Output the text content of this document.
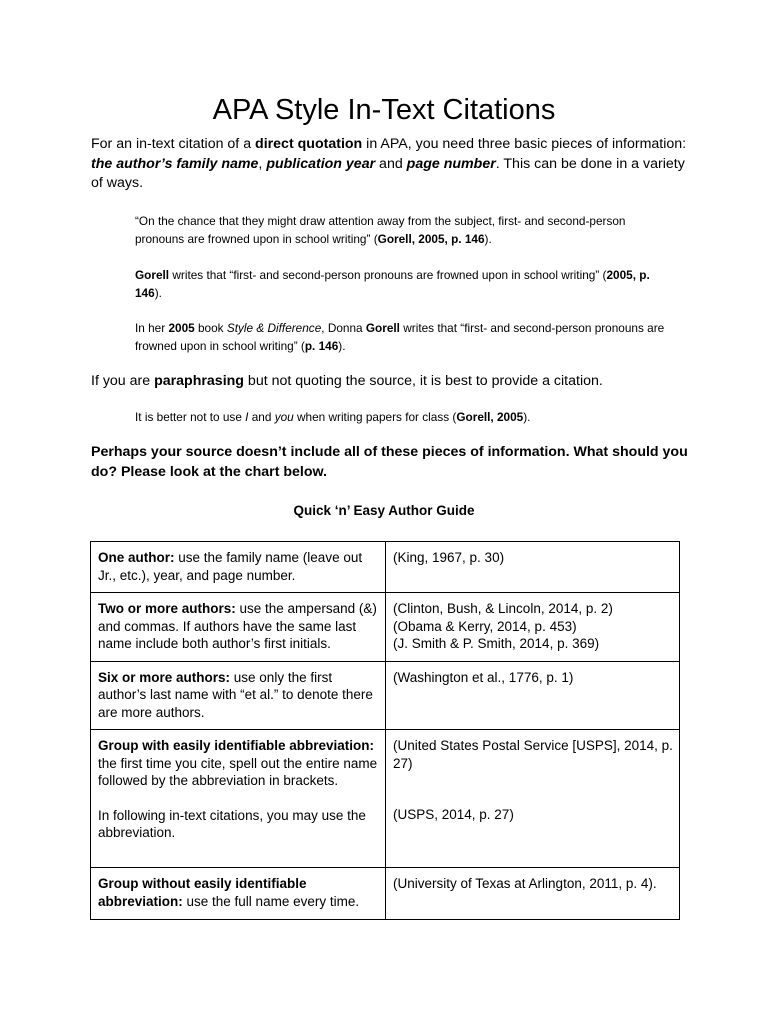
APA Style In-Text Citations
For an in-text citation of a direct quotation in APA, you need three basic pieces of information: the author’s family name, publication year and page number. This can be done in a variety of ways.
“On the chance that they might draw attention away from the subject, first- and second-person pronouns are frowned upon in school writing” (Gorell, 2005, p. 146).
Gorell writes that “first- and second-person pronouns are frowned upon in school writing” (2005, p. 146).
In her 2005 book Style & Difference, Donna Gorell writes that “first- and second-person pronouns are frowned upon in school writing” (p. 146).
If you are paraphrasing but not quoting the source, it is best to provide a citation.
It is better not to use I and you when writing papers for class (Gorell, 2005).
Perhaps your source doesn’t include all of these pieces of information. What should you do? Please look at the chart below.
Quick ‘n’ Easy Author Guide
One author: use the family name (leave out Jr., etc.), year, and page number.	(King, 1967, p. 30)

Two or more authors: use the ampersand (&) and commas. If authors have the same last name include both author’s first initials.	(Clinton, Bush, & Lincoln, 2014, p. 2)
(Obama & Kerry, 2014, p. 453)
(J. Smith & P. Smith, 2014, p. 369)

Six or more authors: use only the first author’s last name with “et al.” to denote there are more authors.	(Washington et al., 1776, p. 1)

Group with easily identifiable abbreviation: the first time you cite, spell out the entire name followed by the abbreviation in brackets.
In following in-text citations, you may use the abbreviation.	(United States Postal Service [USPS], 2014, p. 27)
(USPS, 2014, p. 27)

Group without easily identifiable abbreviation: use the full name every time.	(University of Texas at Arlington, 2011, p. 4).
